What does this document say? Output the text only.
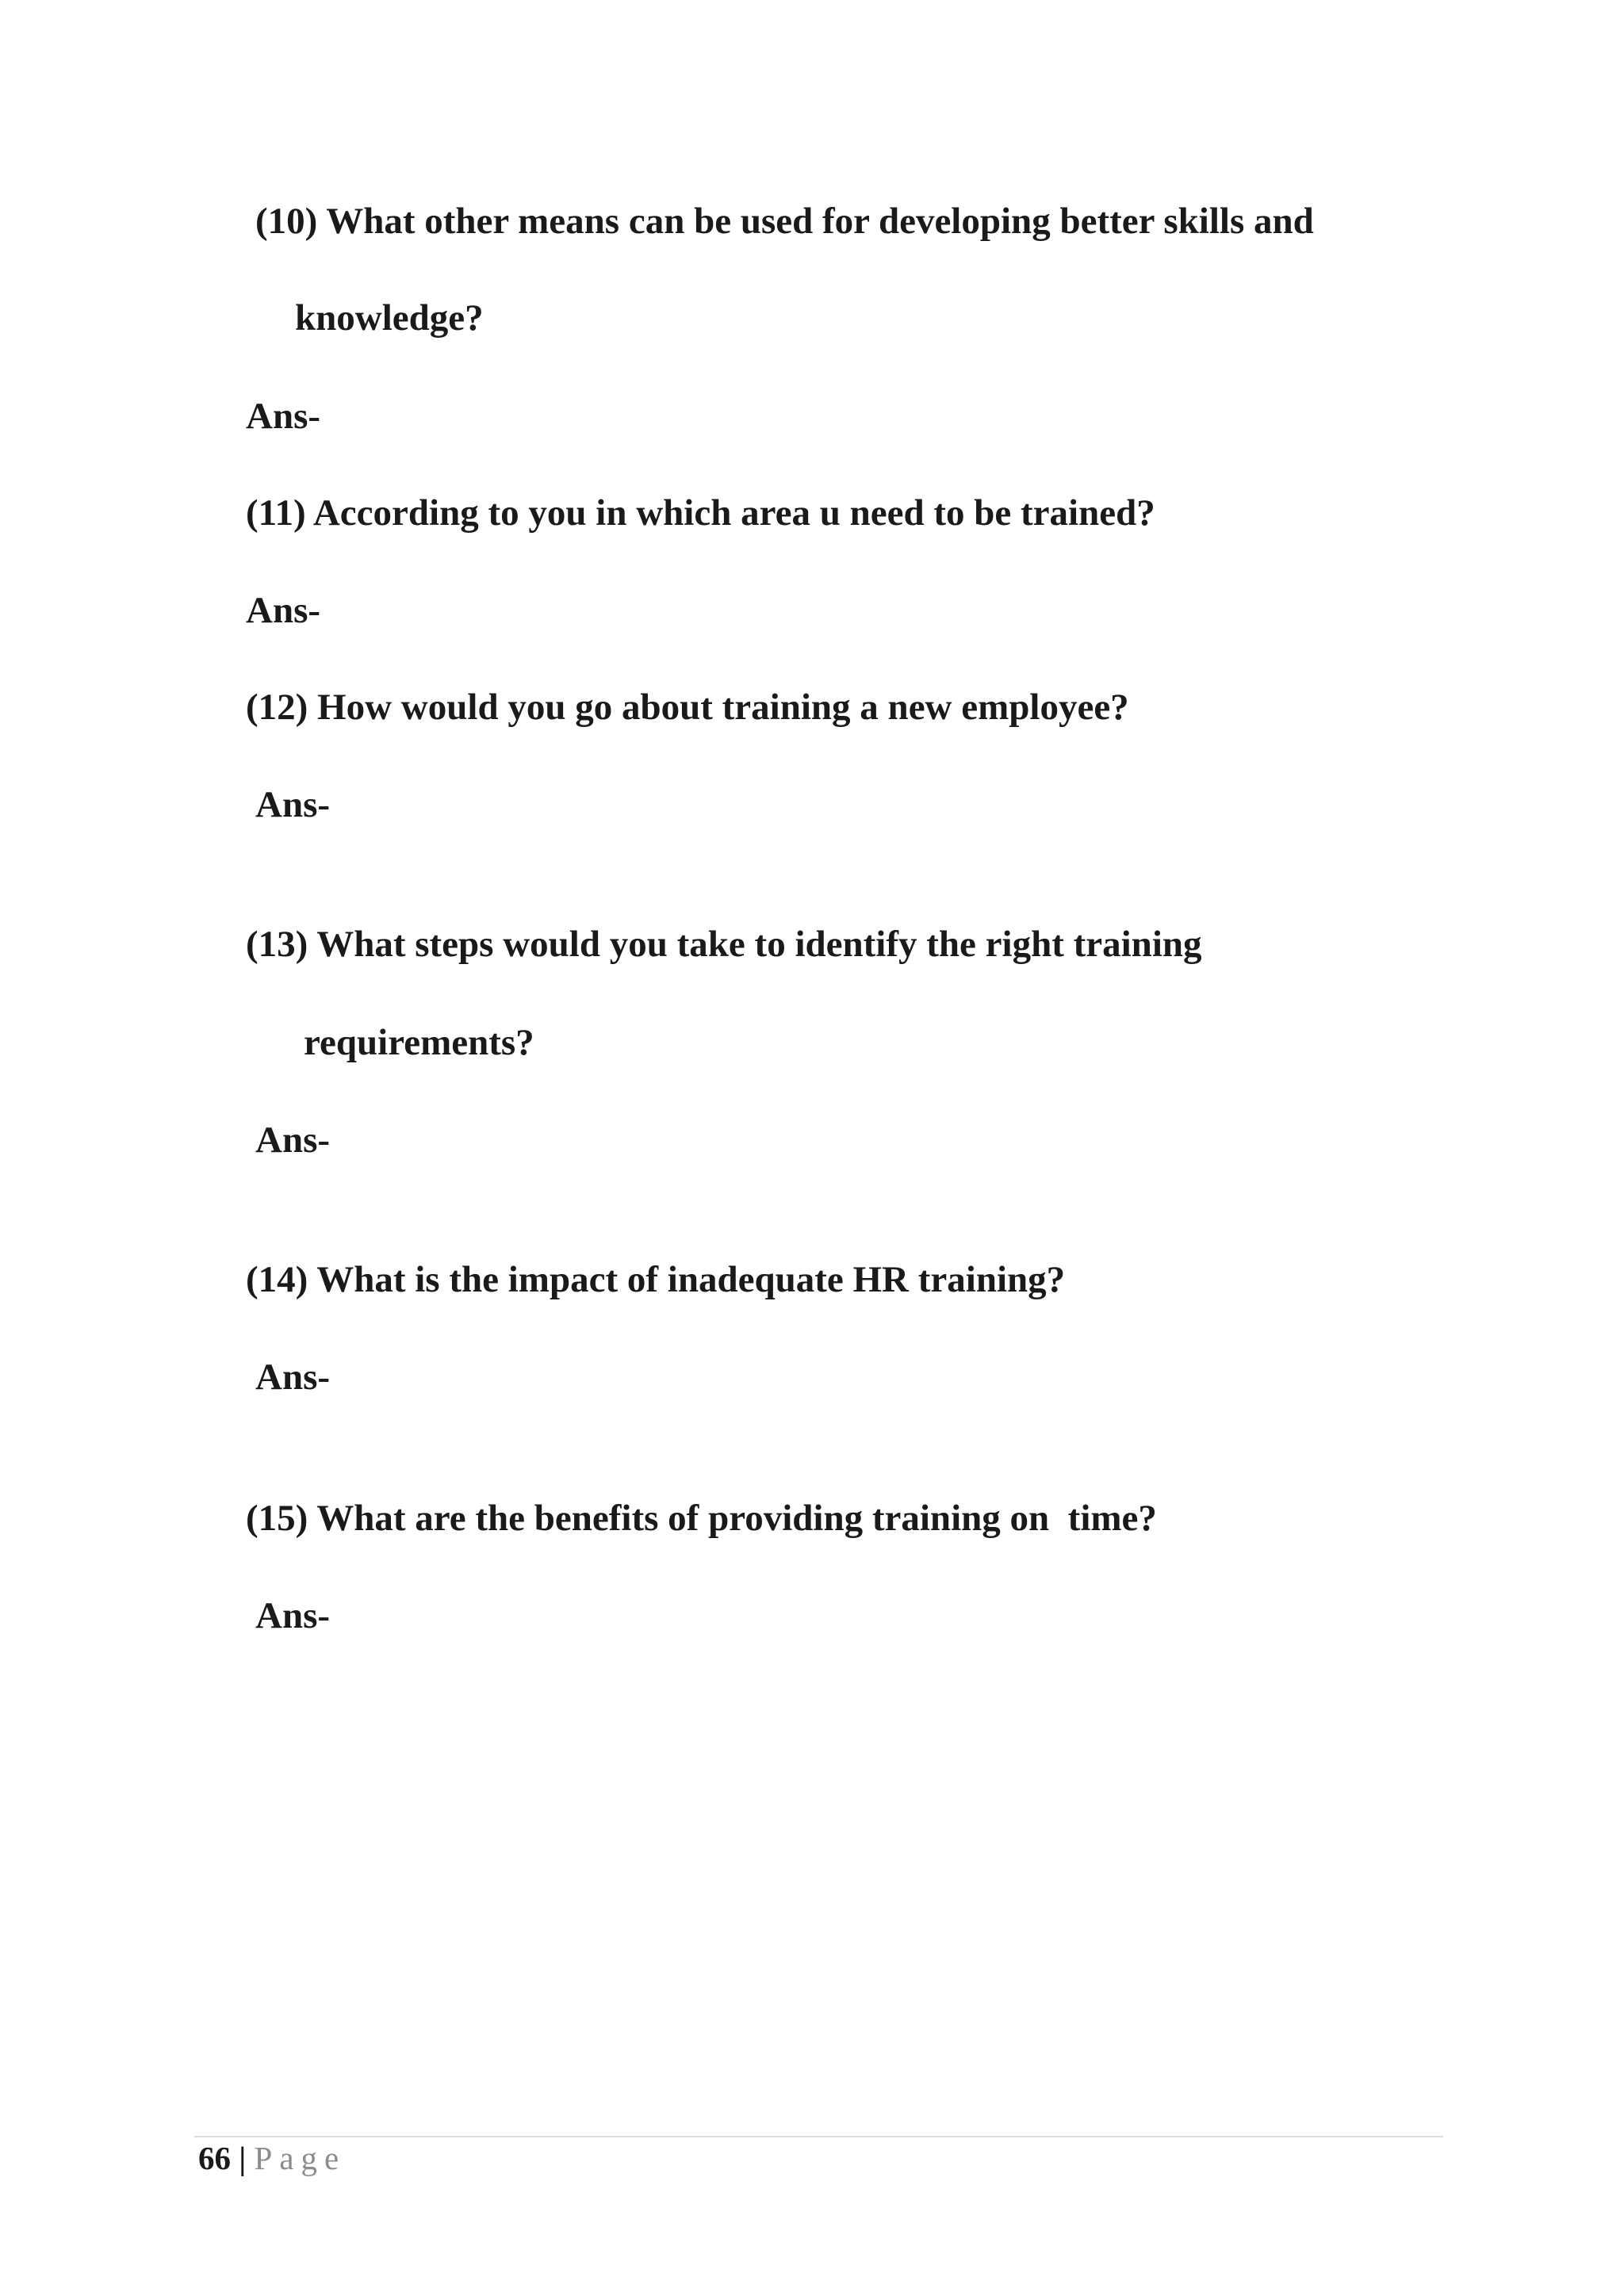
(10) What other means can be used for developing better skills and
knowledge?
Ans-
(11) According to you in which area u need to be trained?
Ans-
(12) How would you go about training a new employee?
Ans-
(13) What steps would you take to identify the right training
requirements?
Ans-
(14) What is the impact of inadequate HR training?
Ans-
(15) What are the benefits of providing training on  time?
Ans-
66 | Page
